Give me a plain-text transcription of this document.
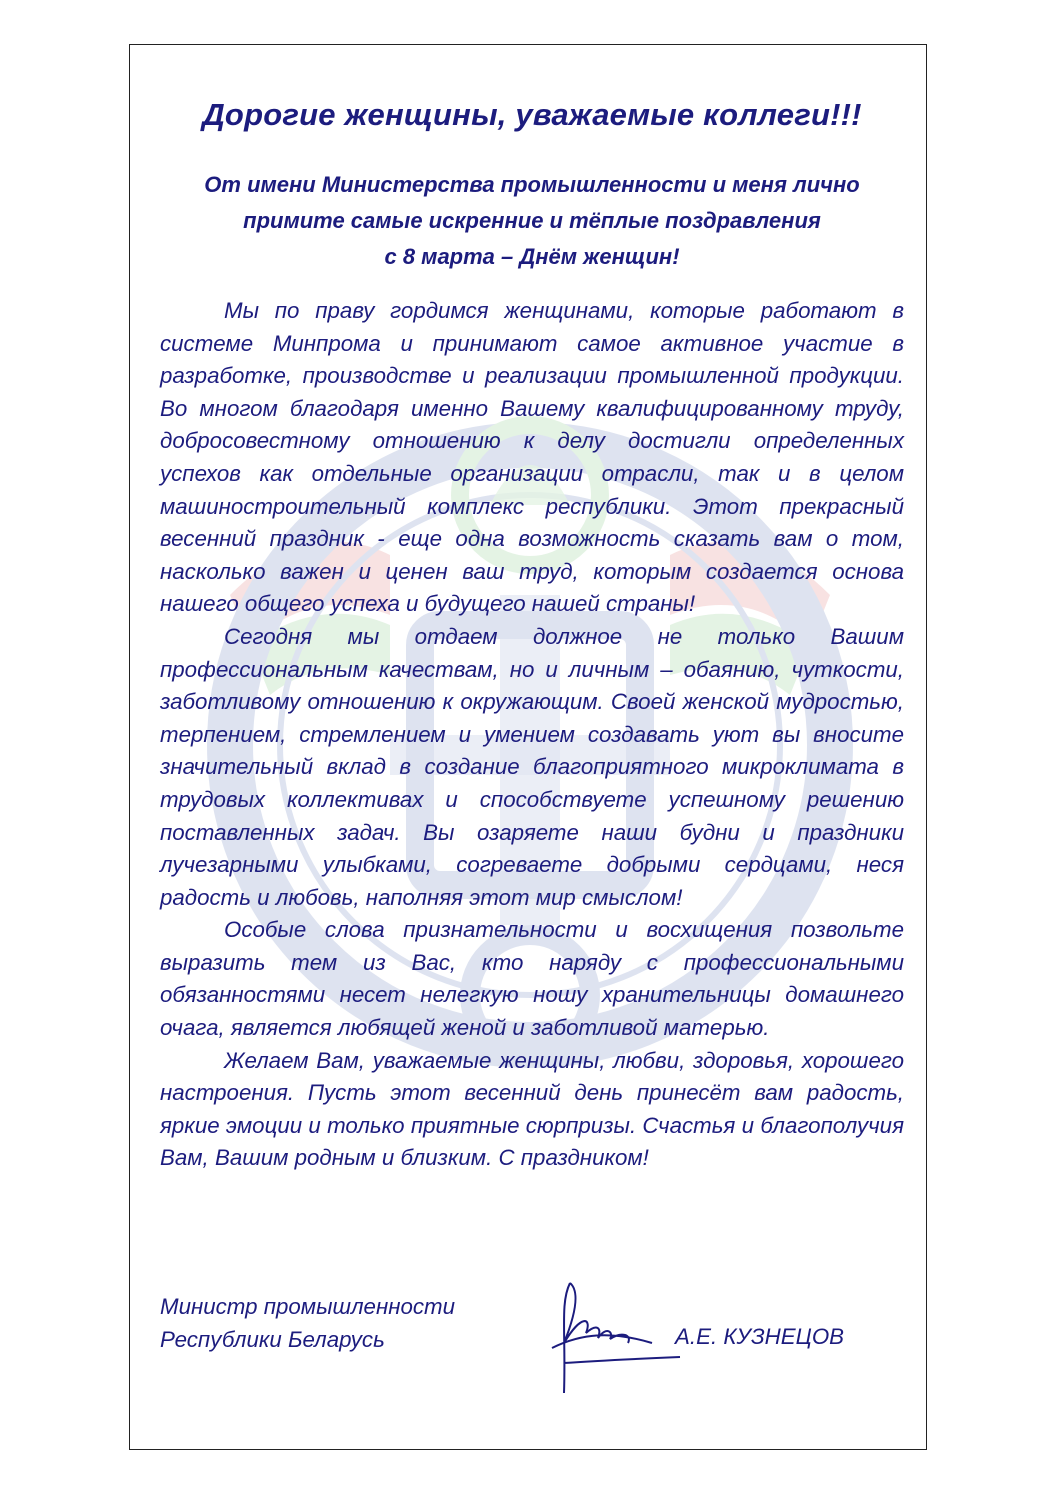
Дорогие женщины, уважаемые коллеги!!!
От имени Министерства промышленности и меня лично
примите самые искренние и тёплые поздравления
с 8 марта – Днём женщин!

Мы по праву гордимся женщинами, которые работают в системе Минпрома и принимают самое активное участие в разработке, производстве и реализации промышленной продукции. Во многом благодаря именно Вашему квалифицированному труду, добросовестному отношению к делу достигли определенных успехов как отдельные организации отрасли, так и в целом машиностроительный комплекс республики. Этот прекрасный весенний праздник - еще одна возможность сказать вам о том, насколько важен и ценен ваш труд, которым создается основа нашего общего успеха и будущего нашей страны!

Сегодня мы отдаем должное не только Вашим профессиональным качествам, но и личным – обаянию, чуткости, заботливому отношению к окружающим. Своей женской мудростью, терпением, стремлением и умением создавать уют вы вносите значительный вклад в создание благоприятного микроклимата в трудовых коллективах и способствуете успешному решению поставленных задач. Вы озаряете наши будни и праздники лучезарными улыбками, согреваете добрыми сердцами, неся радость и любовь, наполняя этот мир смыслом!

Особые слова признательности и восхищения позвольте выразить тем из Вас, кто наряду с профессиональными обязанностями несет нелегкую ношу хранительницы домашнего очага, является любящей женой и заботливой матерью.

Желаем Вам, уважаемые женщины, любви, здоровья, хорошего настроения. Пусть этот весенний день принесёт вам радость, яркие эмоции и только приятные сюрпризы. Счастья и благополучия Вам, Вашим родным и близким. С праздником!

Министр промышленности
Республики Беларусь	А.Е. КУЗНЕЦОВ
